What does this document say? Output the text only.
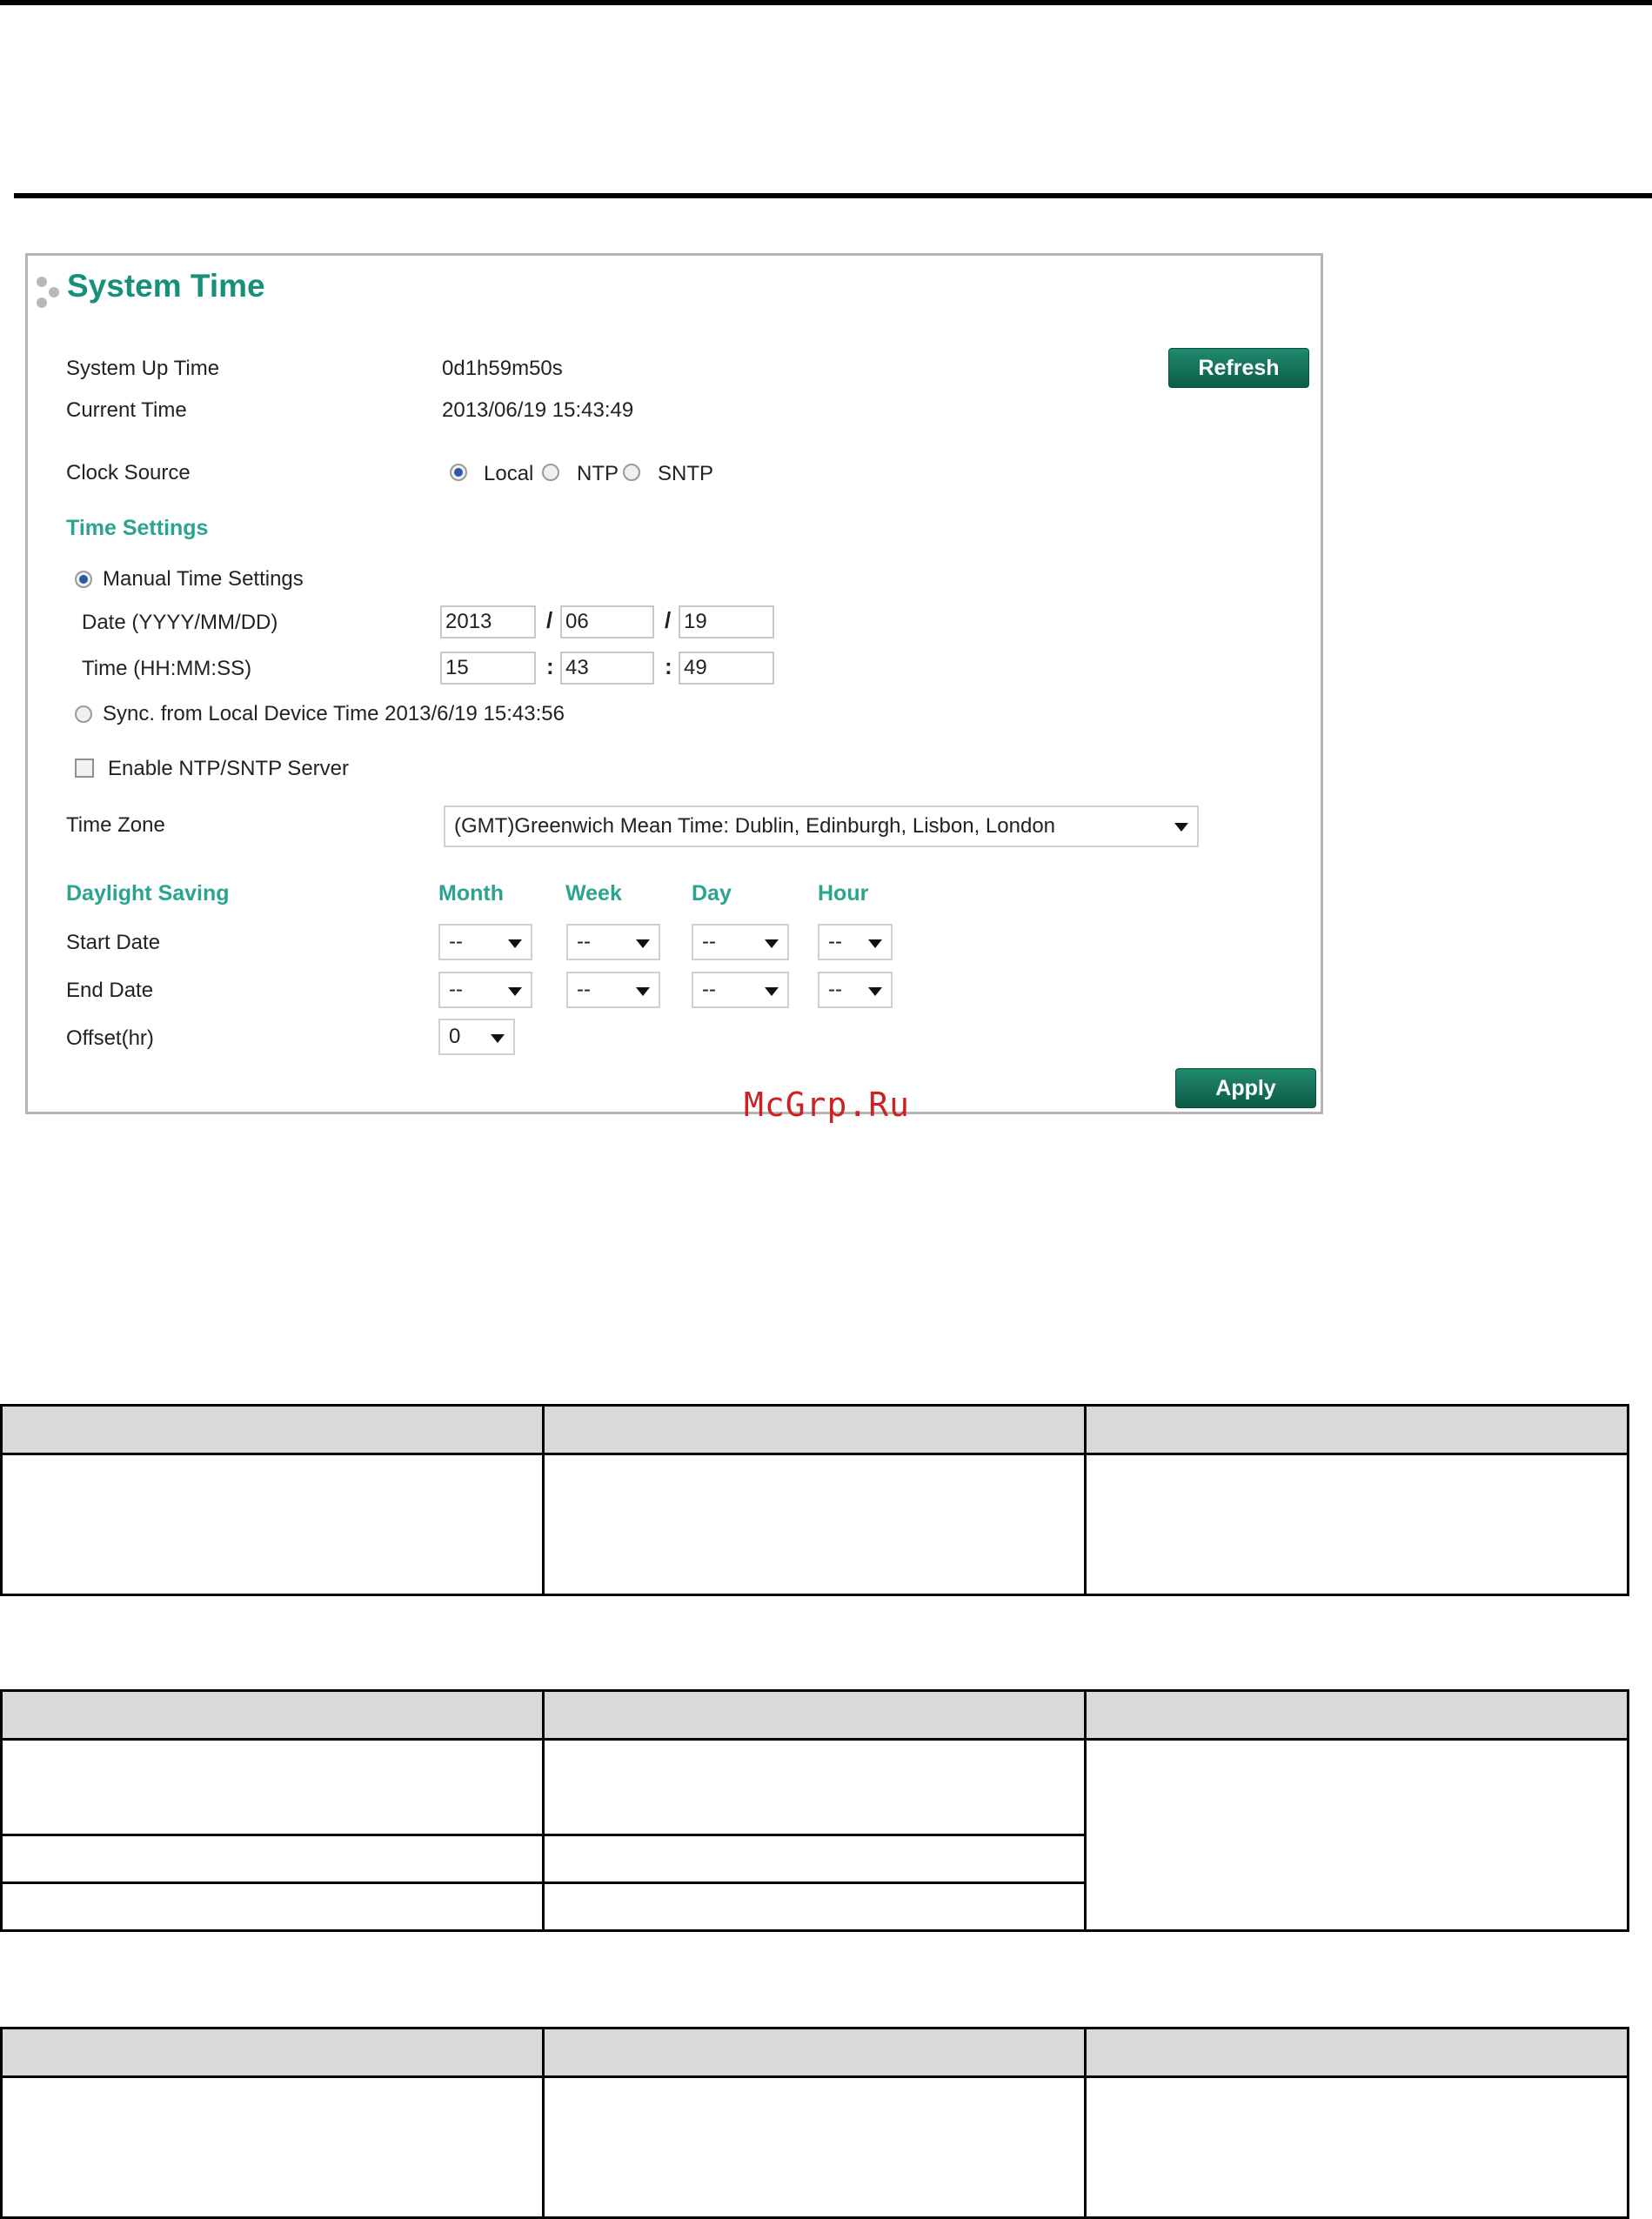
System Time
System Up Time	0d1h59m50s	Refresh
Current Time	2013/06/19 15:43:49
Clock Source	Local NTP SNTP
Time Settings
Manual Time Settings
Date (YYYY/MM/DD)	2013	/ 06	/ 19
Time (HH:MM:SS)	15	: 43	: 49
Sync. from Local Device Time 2013/6/19 15:43:56
Enable NTP/SNTP Server
Time Zone	(GMT)Greenwich Mean Time: Dublin, Edinburgh, Lisbon, London
Daylight Saving	Month	Week	Day	Hour
Start Date	--	--	--	--
End Date	--	--	--	--
Offset(hr)	0
Apply
McGrp.Ru
